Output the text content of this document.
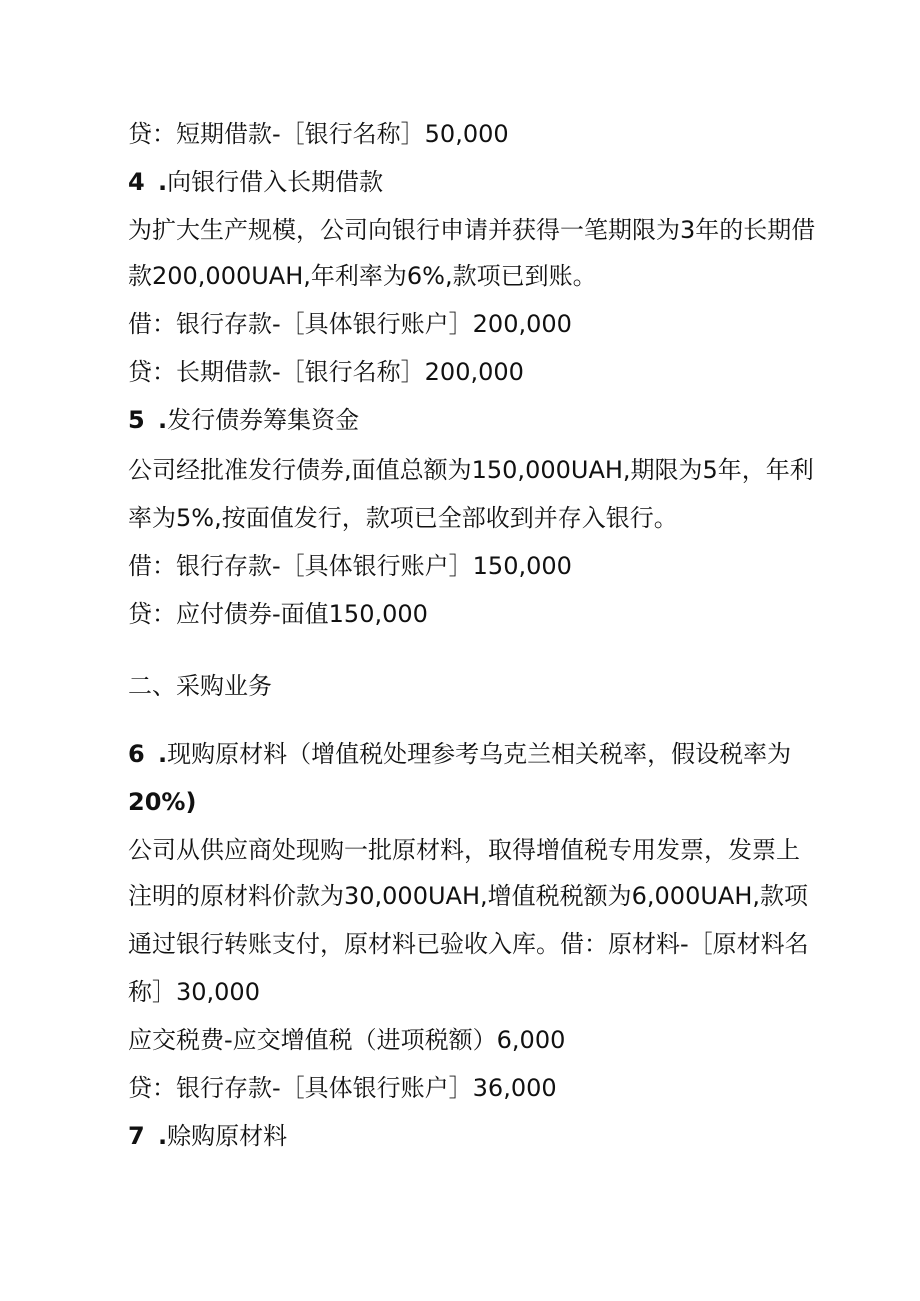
贷：短期借款-［银行名称］50,000
4 .向银行借入长期借款
为扩大生产规模，公司向银行申请并获得一笔期限为3年的长期借
款200,000UAH,年利率为6%,款项已到账。
借：银行存款-［具体银行账户］200,000
贷：长期借款-［银行名称］200,000
5 .发行债券筹集资金
公司经批准发行债券,面值总额为150,000UAH,期限为5年，年利
率为5%,按面值发行，款项已全部收到并存入银行。
借：银行存款-［具体银行账户］150,000
贷：应付债券-面值150,000
二、采购业务
6 .现购原材料（增值税处理参考乌克兰相关税率，假设税率为
20%)
公司从供应商处现购一批原材料，取得增值税专用发票，发票上
注明的原材料价款为30,000UAH,增值税税额为6,000UAH,款项
通过银行转账支付，原材料已验收入库。借：原材料-［原材料名
称］30,000
应交税费-应交增值税（进项税额）6,000
贷：银行存款-［具体银行账户］36,000
7 .赊购原材料
